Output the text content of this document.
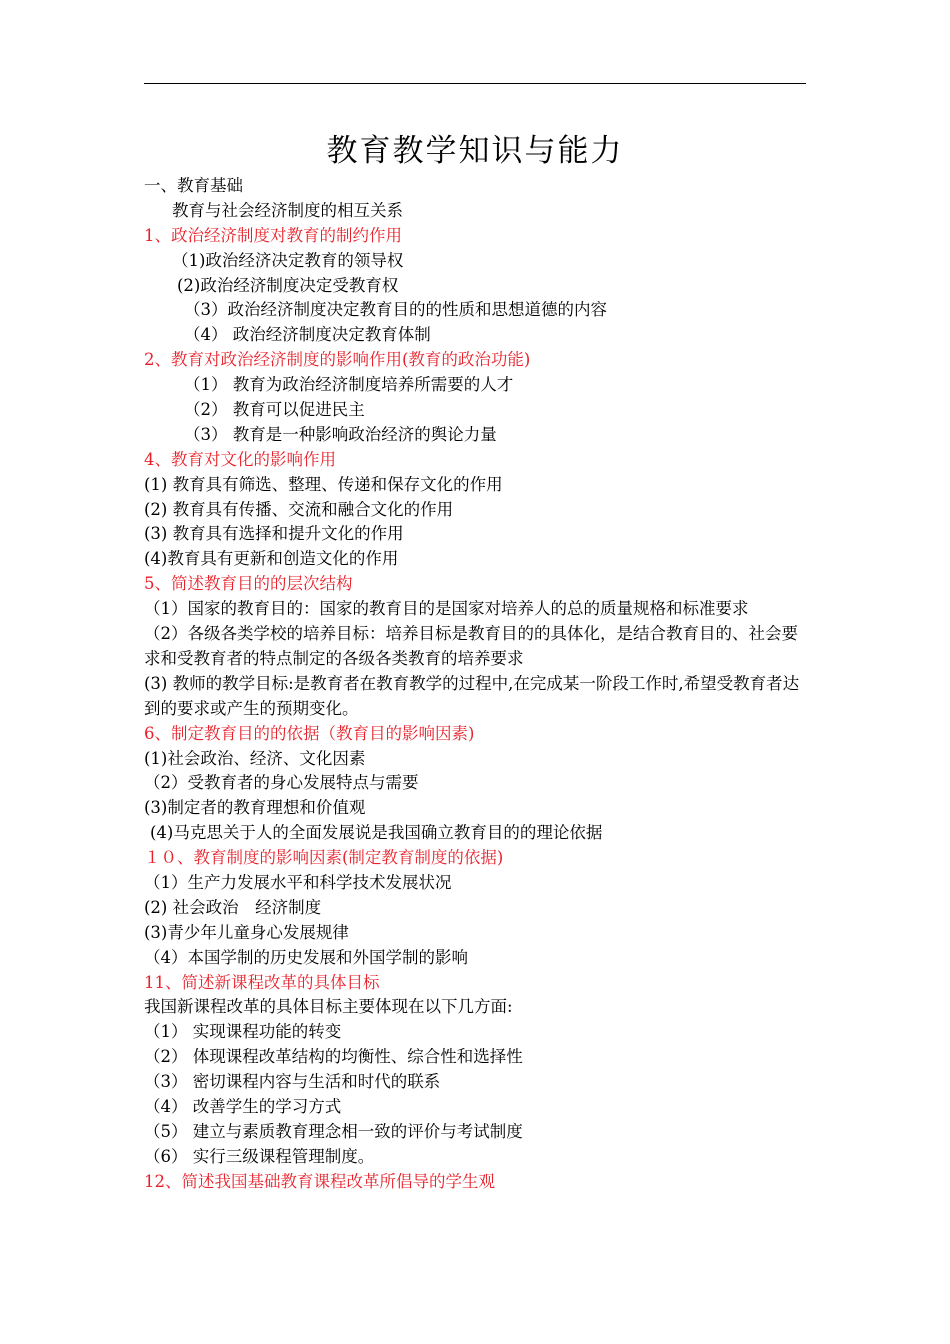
教育教学知识与能力
一、教育基础
教育与社会经济制度的相互关系
1、政治经济制度对教育的制约作用
（1)政治经济决定教育的领导权
(2)政治经济制度决定受教育权
（3）政治经济制度决定教育目的的性质和思想道德的内容
（4） 政治经济制度决定教育体制
2、教育对政治经济制度的影响作用(教育的政治功能)
（1） 教育为政治经济制度培养所需要的人才
（2） 教育可以促进民主
（3） 教育是一种影响政治经济的舆论力量
4、教育对文化的影响作用
(1) 教育具有筛选、整理、传递和保存文化的作用
(2) 教育具有传播、交流和融合文化的作用
(3) 教育具有选择和提升文化的作用
(4)教育具有更新和创造文化的作用
5、简述教育目的的层次结构
（1）国家的教育目的：国家的教育目的是国家对培养人的总的质量规格和标准要求
（2）各级各类学校的培养目标：培养目标是教育目的的具体化，是结合教育目的、社会要求和受教育者的特点制定的各级各类教育的培养要求
(3) 教师的教学目标:是教育者在教育教学的过程中,在完成某一阶段工作时,希望受教育者达到的要求或产生的预期变化。
6、制定教育目的的依据（教育目的影响因素)
(1)社会政治、经济、文化因素
（2）受教育者的身心发展特点与需要
(3)制定者的教育理想和价值观
(4)马克思关于人的全面发展说是我国确立教育目的的理论依据
１０、教育制度的影响因素(制定教育制度的依据)
（1）生产力发展水平和科学技术发展状况
(2) 社会政治　经济制度
(3)青少年儿童身心发展规律
（4）本国学制的历史发展和外国学制的影响
11、简述新课程改革的具体目标
我国新课程改革的具体目标主要体现在以下几方面:
（1） 实现课程功能的转变
（2） 体现课程改革结构的均衡性、综合性和选择性
（3） 密切课程内容与生活和时代的联系
（4） 改善学生的学习方式
（5） 建立与素质教育理念相一致的评价与考试制度
（6） 实行三级课程管理制度。
12、简述我国基础教育课程改革所倡导的学生观
